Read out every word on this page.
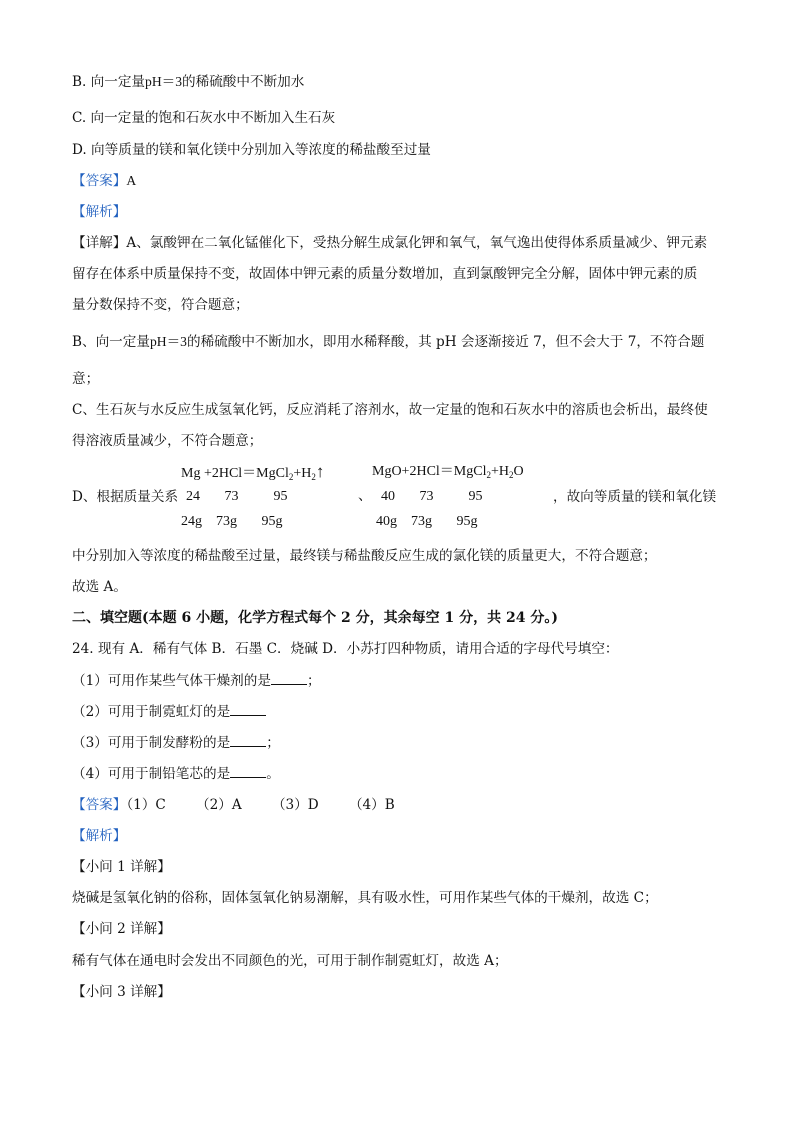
B. 向一定量pH＝3的稀硫酸中不断加水
C. 向一定量的饱和石灰水中不断加入生石灰
D. 向等质量的镁和氧化镁中分别加入等浓度的稀盐酸至过量
【答案】A
【解析】
【详解】A、氯酸钾在二氧化锰催化下，受热分解生成氯化钾和氧气，氧气逸出使得体系质量减少、钾元素
留存在体系中质量保持不变，故固体中钾元素的质量分数增加，直到氯酸钾完全分解，固体中钾元素的质
量分数保持不变，符合题意；
B、向一定量pH＝3的稀硫酸中不断加水，即用水稀释酸，其 pH 会逐渐接近 7，但不会大于 7，不符合题
意；
C、生石灰与水反应生成氢氧化钙，反应消耗了溶剂水，故一定量的饱和石灰水中的溶质也会析出，最终使
得溶液质量减少，不符合题意；
$Mg +2HCl=MgCl_2+H_2↑$	$MgO+2HCl=MgCl_2+H_2O$
D、根据质量关系 24       73          95	、 40       73          95	，故向等质量的镁和氧化镁
24g    73g       95g	40g    73g       95g
中分别加入等浓度的稀盐酸至过量，最终镁与稀盐酸反应生成的氯化镁的质量更大，不符合题意；
故选 A。
二、填空题(本题 6 小题，化学方程式每个 2 分，其余每空 1 分，共 24 分。)
24. 现有 A．稀有气体 B．石墨 C．烧碱 D．小苏打四种物质，请用合适的字母代号填空：
（1）可用作某些气体干燥剂的是	；
（2）可用于制霓虹灯的是
（3）可用于制发酵粉的是	；
（4）可用于制铅笔芯的是	。
【答案】（1）C       （2）A       （3）D       （4）B
【解析】
【小问 1 详解】
烧碱是氢氧化钠的俗称，固体氢氧化钠易潮解，具有吸水性，可用作某些气体的干燥剂，故选 C；
【小问 2 详解】
稀有气体在通电时会发出不同颜色的光，可用于制作制霓虹灯，故选 A；
【小问 3 详解】
